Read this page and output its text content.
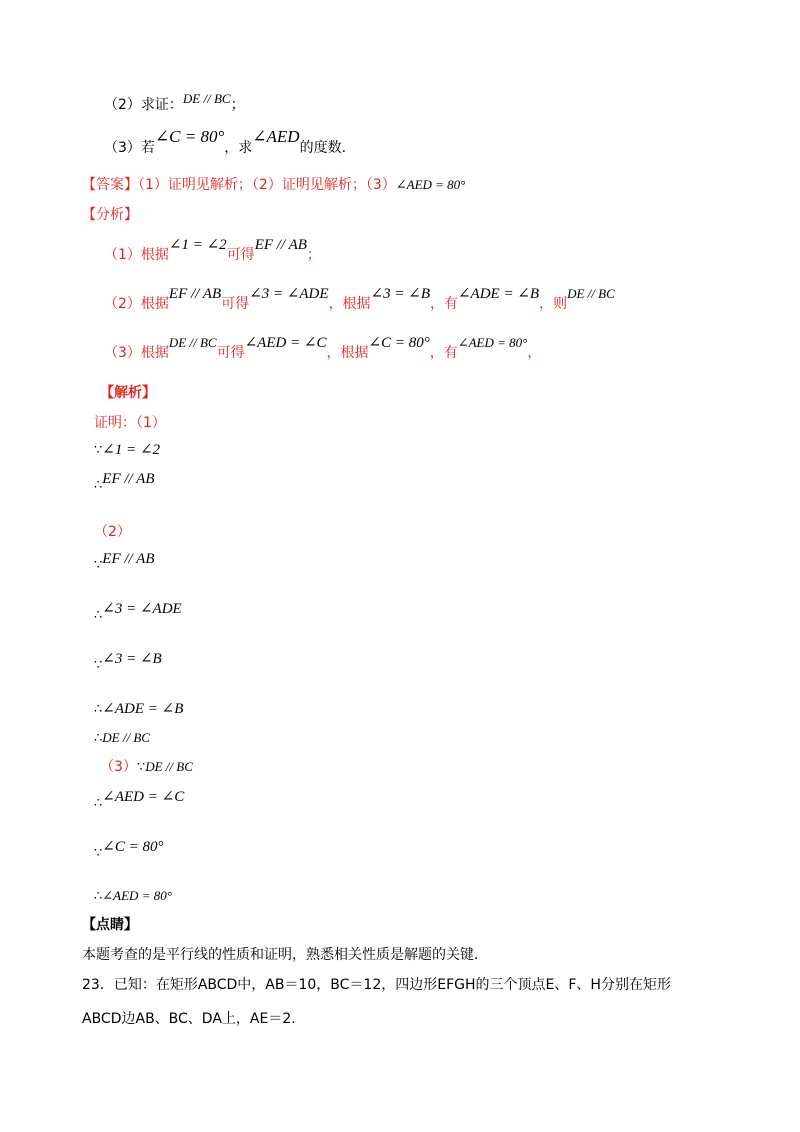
（2）求证：DE // BC；
（3）若∠C = 80°，求∠AED的度数.
【答案】（1）证明见解析；（2）证明见解析；（3）∠AED = 80°
【分析】
（1）根据∠1 = ∠2可得EF // AB；
（2）根据EF // AB可得∠3 = ∠ADE，根据∠3 = ∠B，有∠ADE = ∠B，则DE // BC
（3）根据DE // BC可得∠AED = ∠C，根据∠C = 80°，有∠AED = 80°，
【解析】
证明：（1）
∵∠1 = ∠2
∴EF // AB
（2）
∵EF // AB
∴∠3 = ∠ADE
∵∠3 = ∠B
∴∠ADE = ∠B
∴DE // BC
（3）∵DE // BC
∴∠AED = ∠C
∵∠C = 80°
∴∠AED = 80°
【点睛】
本题考查的是平行线的性质和证明，熟悉相关性质是解题的关键．
23．已知：在矩形ABCD中，AB＝10，BC＝12，四边形EFGH的三个顶点E、F、H分别在矩形
ABCD边AB、BC、DA上，AE＝2．
